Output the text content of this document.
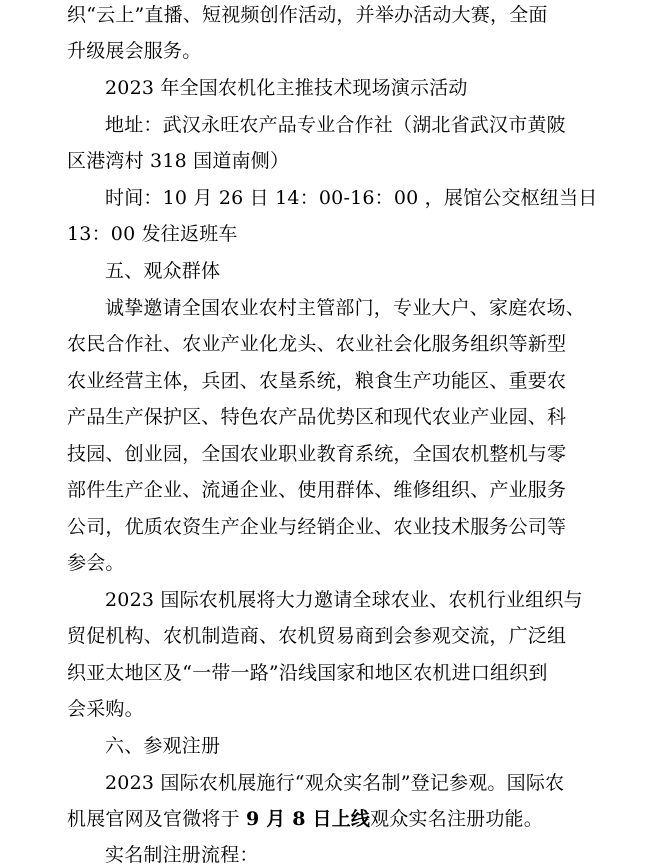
织“云上”直播、短视频创作活动，并举办活动大赛，全面
升级展会服务。
2023 年全国农机化主推技术现场演示活动
地址：武汉永旺农产品专业合作社（湖北省武汉市黄陂
区港湾村 318 国道南侧）
时间：10 月 26 日 14：00-16：00 ，展馆公交枢纽当日
13：00 发往返班车
五、观众群体
诚挚邀请全国农业农村主管部门，专业大户、家庭农场、
农民合作社、农业产业化龙头、农业社会化服务组织等新型
农业经营主体，兵团、农垦系统，粮食生产功能区、重要农
产品生产保护区、特色农产品优势区和现代农业产业园、科
技园、创业园，全国农业职业教育系统，全国农机整机与零
部件生产企业、流通企业、使用群体、维修组织、产业服务
公司，优质农资生产企业与经销企业、农业技术服务公司等
参会。
2023 国际农机展将大力邀请全球农业、农机行业组织与
贸促机构、农机制造商、农机贸易商到会参观交流，广泛组
织亚太地区及“一带一路”沿线国家和地区农机进口组织到
会采购。
六、参观注册
2023 国际农机展施行“观众实名制”登记参观。国际农
机展官网及官微将于 9 月 8 日上线观众实名注册功能。
实名制注册流程：
